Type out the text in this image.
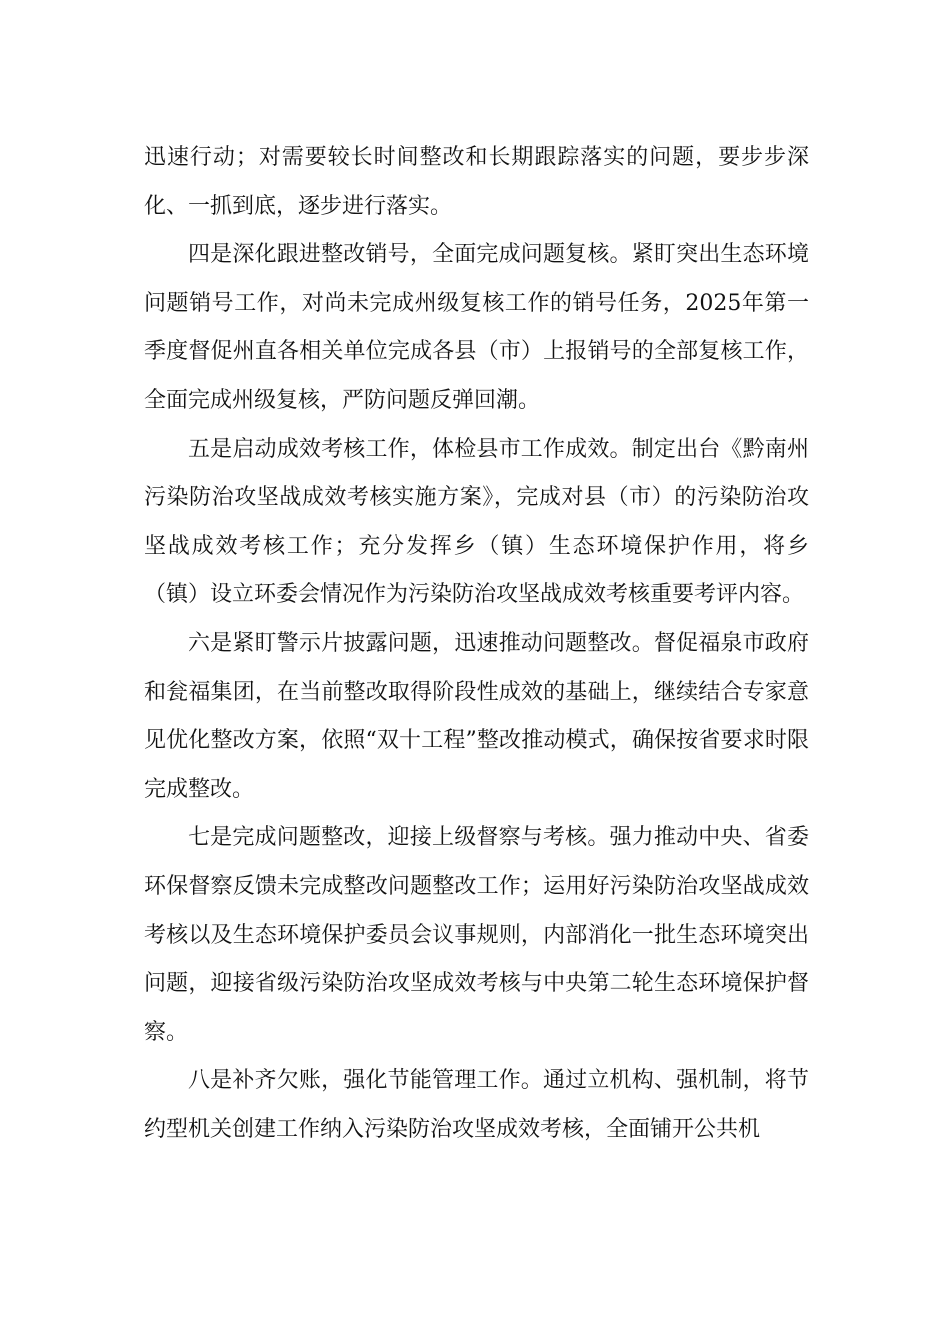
迅速行动；对需要较长时间整改和长期跟踪落实的问题，要步步深化、一抓到底，逐步进行落实。

四是深化跟进整改销号，全面完成问题复核。紧盯突出生态环境问题销号工作，对尚未完成州级复核工作的销号任务，2025年第一季度督促州直各相关单位完成各县（市）上报销号的全部复核工作，全面完成州级复核，严防问题反弹回潮。

五是启动成效考核工作，体检县市工作成效。制定出台《黔南州污染防治攻坚战成效考核实施方案》，完成对县（市）的污染防治攻坚战成效考核工作；充分发挥乡（镇）生态环境保护作用，将乡（镇）设立环委会情况作为污染防治攻坚战成效考核重要考评内容。

六是紧盯警示片披露问题，迅速推动问题整改。督促福泉市政府和瓮福集团，在当前整改取得阶段性成效的基础上，继续结合专家意见优化整改方案，依照“双十工程”整改推动模式，确保按省要求时限完成整改。

七是完成问题整改，迎接上级督察与考核。强力推动中央、省委环保督察反馈未完成整改问题整改工作；运用好污染防治攻坚战成效考核以及生态环境保护委员会议事规则，内部消化一批生态环境突出问题，迎接省级污染防治攻坚成效考核与中央第二轮生态环境保护督察。

八是补齐欠账，强化节能管理工作。通过立机构、强机制，将节约型机关创建工作纳入污染防治攻坚成效考核，全面铺开公共机
